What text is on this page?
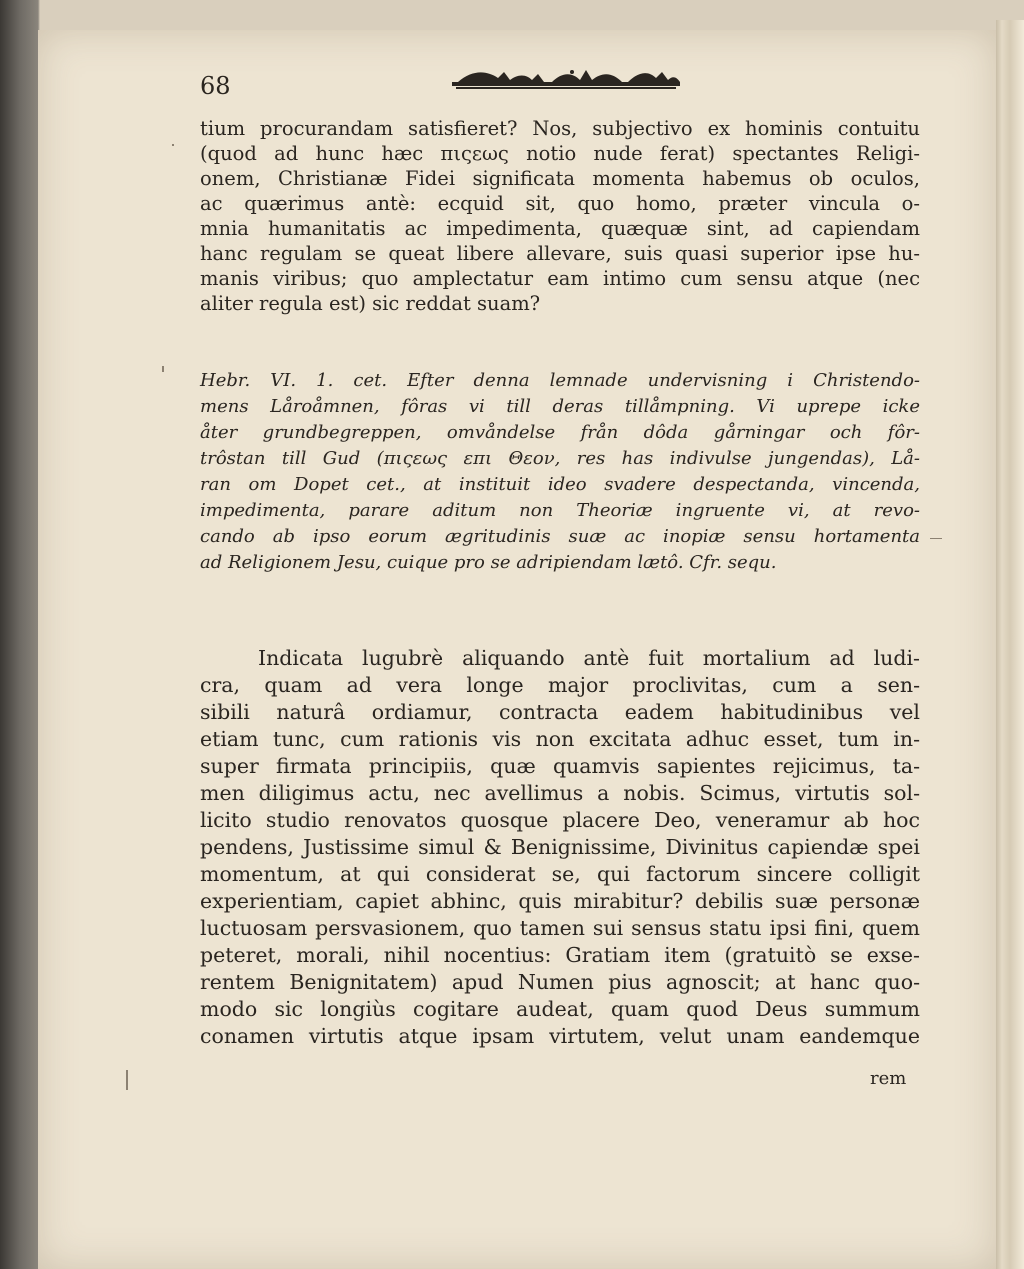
68
tium procurandam satisfieret? Nos, subjectivo ex hominis contuitu
(quod ad hunc hæc πιςεως notio nude ferat) spectantes Religi-
onem, Christianæ Fidei significata momenta habemus ob oculos,
ac quærimus antè: ecquid sit, quo homo, præter vincula o-
mnia humanitatis ac impedimenta, quæquæ sint, ad capiendam
hanc regulam se queat libere allevare, suis quasi superior ipse hu-
manis viribus; quo amplectatur eam intimo cum sensu atque (nec
aliter regula est) sic reddat suam?
Hebr. VI. 1. cet. Efter denna lemnade undervisning i Christendo-
mens Låroåmnen, fôras vi till deras tillåmpning. Vi uprepe icke
åter grundbegreppen, omvåndelse från dôda gårningar och fôr-
trôstan till Gud (πιςεως επι Θεον, res has indivulse jungendas), Lå-
ran om Dopet cet., at instituit ideo svadere despectanda, vincenda,
impedimenta, parare aditum non Theoriæ ingruente vi, at revo-
cando ab ipso eorum ægritudinis suæ ac inopiæ sensu hortamenta
ad Religionem Jesu, cuique pro se adripiendam lætô. Cfr. sequ.
Indicata lugubrè aliquando antè fuit mortalium ad ludi-
cra, quam ad vera longe major proclivitas, cum a sen-
sibili naturâ ordiamur, contracta eadem habitudinibus vel
etiam tunc, cum rationis vis non excitata adhuc esset, tum in-
super firmata principiis, quæ quamvis sapientes rejicimus, ta-
men diligimus actu, nec avellimus a nobis. Scimus, virtutis sol-
licito studio renovatos quosque placere Deo, veneramur ab hoc
pendens, Justissime simul & Benignissime, Divinitus capiendæ spei
momentum, at qui considerat se, qui factorum sincere colligit
experientiam, capiet abhinc, quis mirabitur? debilis suæ personæ
luctuosam persvasionem, quo tamen sui sensus statu ipsi fini, quem
peteret, morali, nihil nocentius: Gratiam item (gratuitò se exse-
rentem Benignitatem) apud Numen pius agnoscit; at hanc quo-
modo sic longiùs cogitare audeat, quam quod Deus summum
conamen virtutis atque ipsam virtutem, velut unam eandemque
rem
